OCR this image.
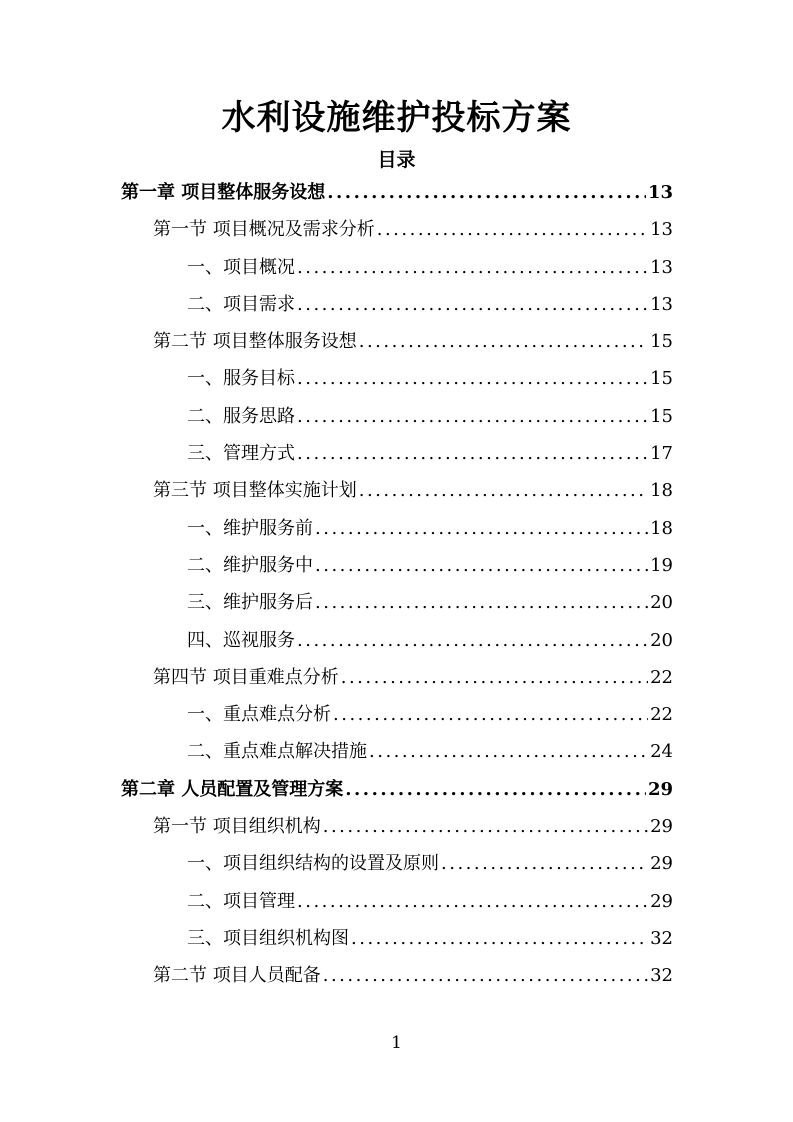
水利设施维护投标方案
目录
第一章 项目整体服务设想 .....	13
第一节 项目概况及需求分析 .....	13
一、项目概况 .....	13
二、项目需求 .....	13
第二节 项目整体服务设想 .....	15
一、服务目标 .....	15
二、服务思路 .....	15
三、管理方式 .....	17
第三节 项目整体实施计划 .....	18
一、维护服务前 .....	18
二、维护服务中 .....	19
三、维护服务后 .....	20
四、巡视服务 .....	20
第四节 项目重难点分析 .....	22
一、重点难点分析 .....	22
二、重点难点解决措施 .....	24
第二章 人员配置及管理方案 .....	29
第一节 项目组织机构 .....	29
一、项目组织结构的设置及原则 .....	29
二、项目管理 .....	29
三、项目组织机构图 .....	32
第二节 项目人员配备 .....	32
1
